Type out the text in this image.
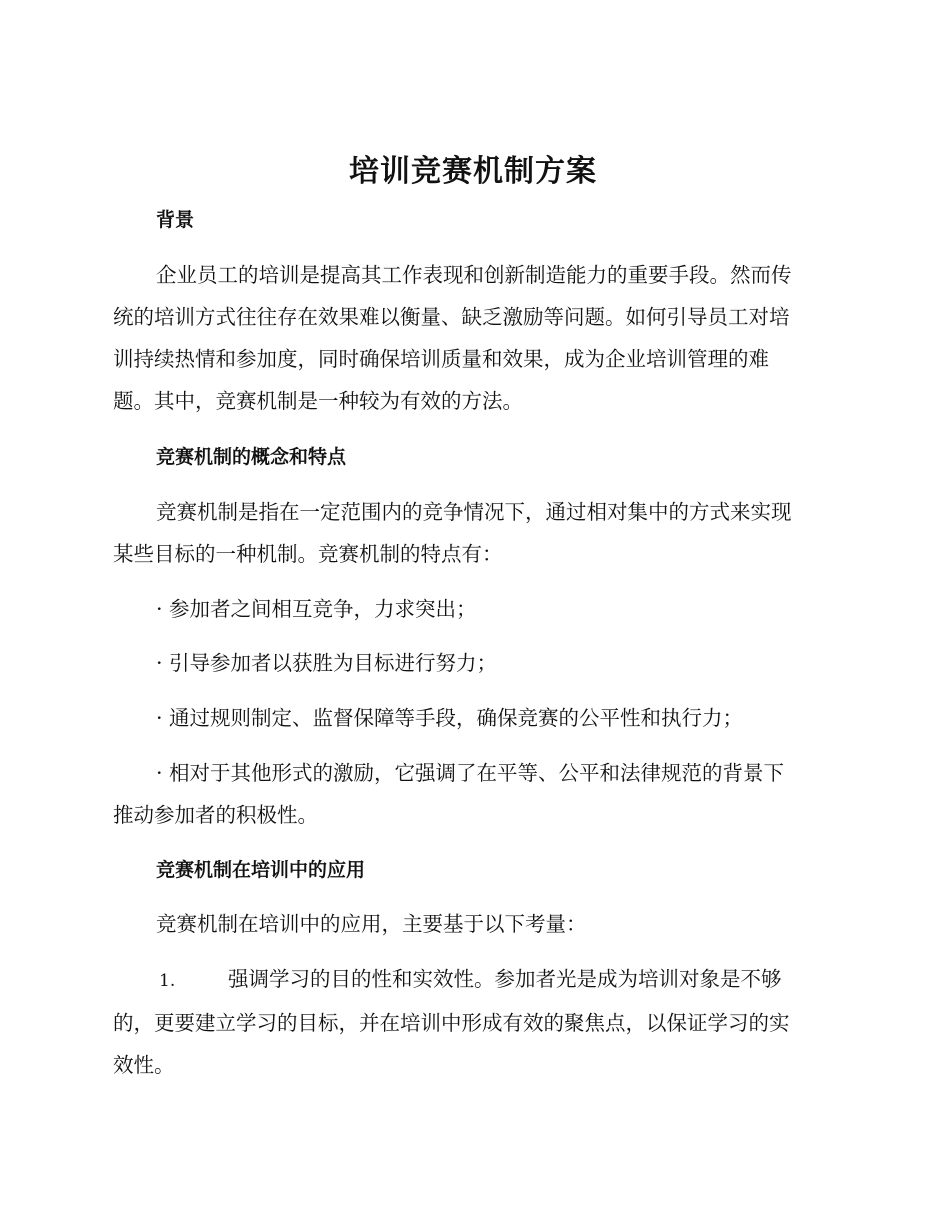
培训竞赛机制方案
背景
企业员工的培训是提高其工作表现和创新制造能力的重要手段。然而传
统的培训方式往往存在效果难以衡量、缺乏激励等问题。如何引导员工对培
训持续热情和参加度，同时确保培训质量和效果，成为企业培训管理的难
题。其中，竞赛机制是一种较为有效的方法。
竞赛机制的概念和特点
竞赛机制是指在一定范围内的竞争情况下，通过相对集中的方式来实现
某些目标的一种机制。竞赛机制的特点有：
· 参加者之间相互竞争，力求突出；
· 引导参加者以获胜为目标进行努力；
· 通过规则制定、监督保障等手段，确保竞赛的公平性和执行力；
· 相对于其他形式的激励，它强调了在平等、公平和法律规范的背景下
推动参加者的积极性。
竞赛机制在培训中的应用
竞赛机制在培训中的应用，主要基于以下考量：
1.	强调学习的目的性和实效性。参加者光是成为培训对象是不够
的，更要建立学习的目标，并在培训中形成有效的聚焦点，以保证学习的实
效性。
